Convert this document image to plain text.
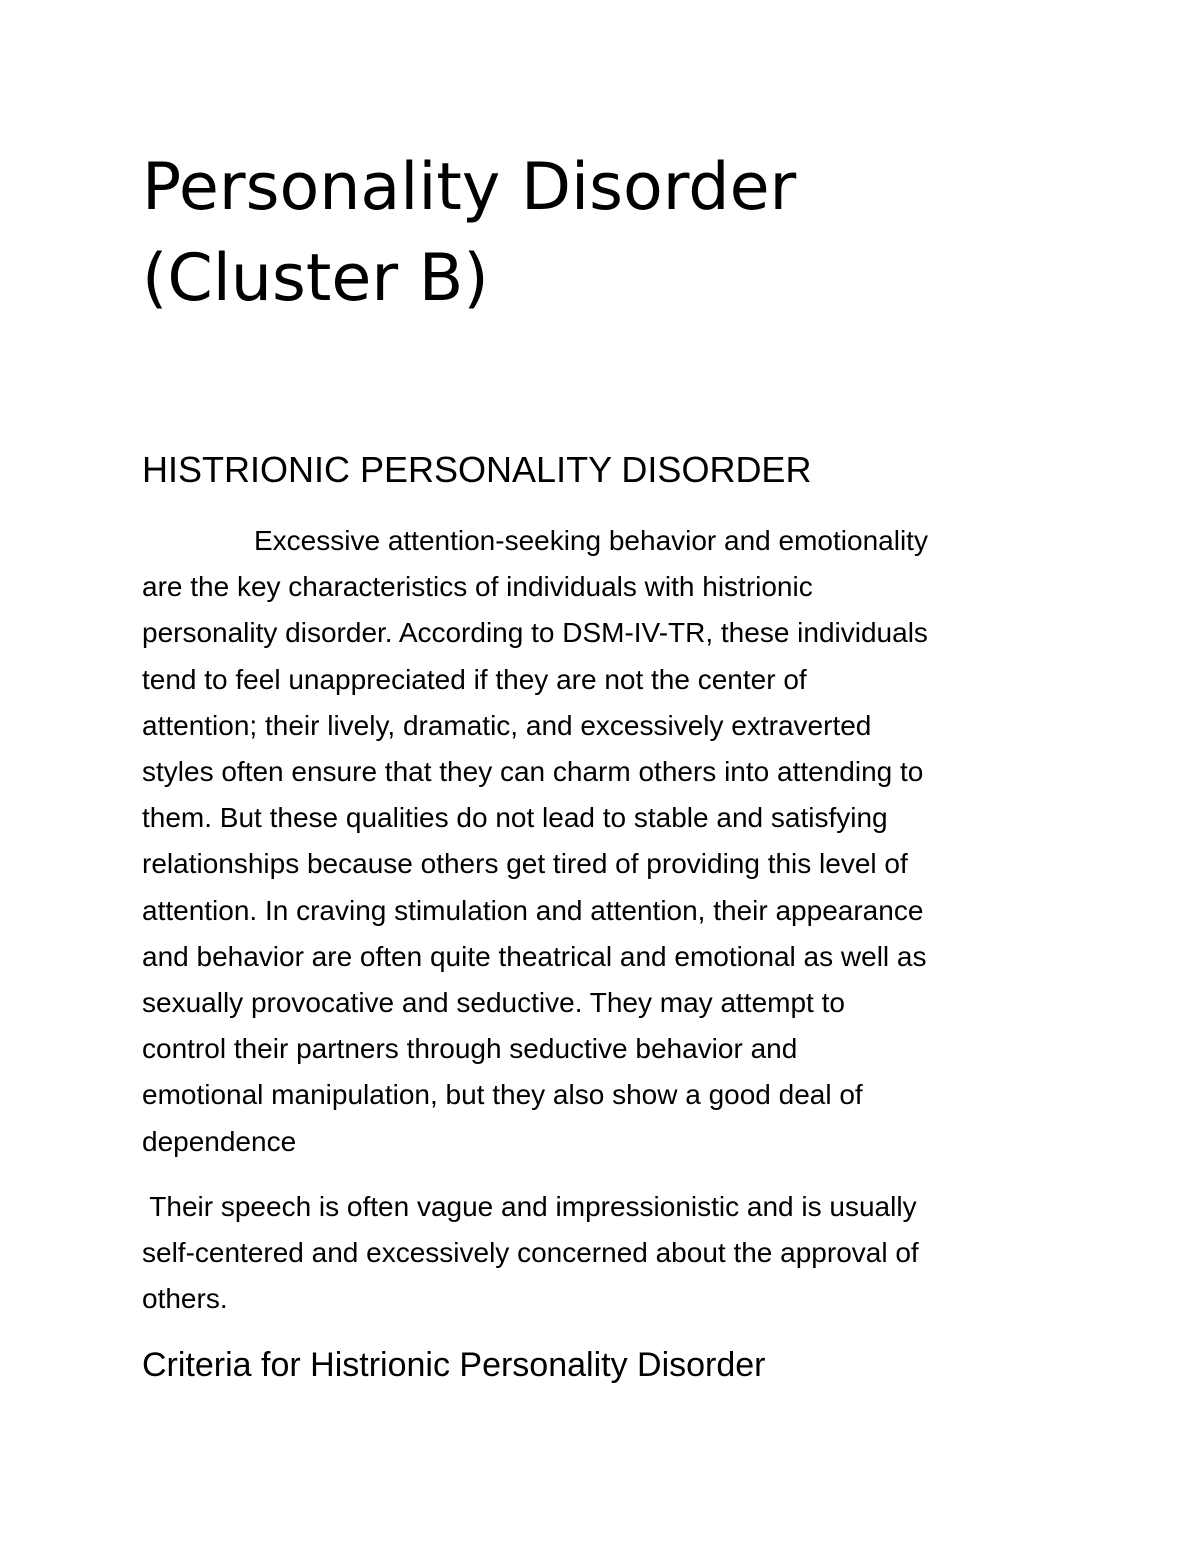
Personality Disorder
(Cluster B)
HISTRIONIC PERSONALITY DISORDER
Excessive attention-seeking behavior and emotionality
are the key characteristics of individuals with histrionic
personality disorder. According to DSM-IV-TR, these individuals
tend to feel unappreciated if they are not the center of
attention; their lively, dramatic, and excessively extraverted
styles often ensure that they can charm others into attending to
them. But these qualities do not lead to stable and satisfying
relationships because others get tired of providing this level of
attention. In craving stimulation and attention, their appearance
and behavior are often quite theatrical and emotional as well as
sexually provocative and seductive. They may attempt to
control their partners through seductive behavior and
emotional manipulation, but they also show a good deal of
dependence
Their speech is often vague and impressionistic and is usually
self-centered and excessively concerned about the approval of
others.
Criteria for Histrionic Personality Disorder
